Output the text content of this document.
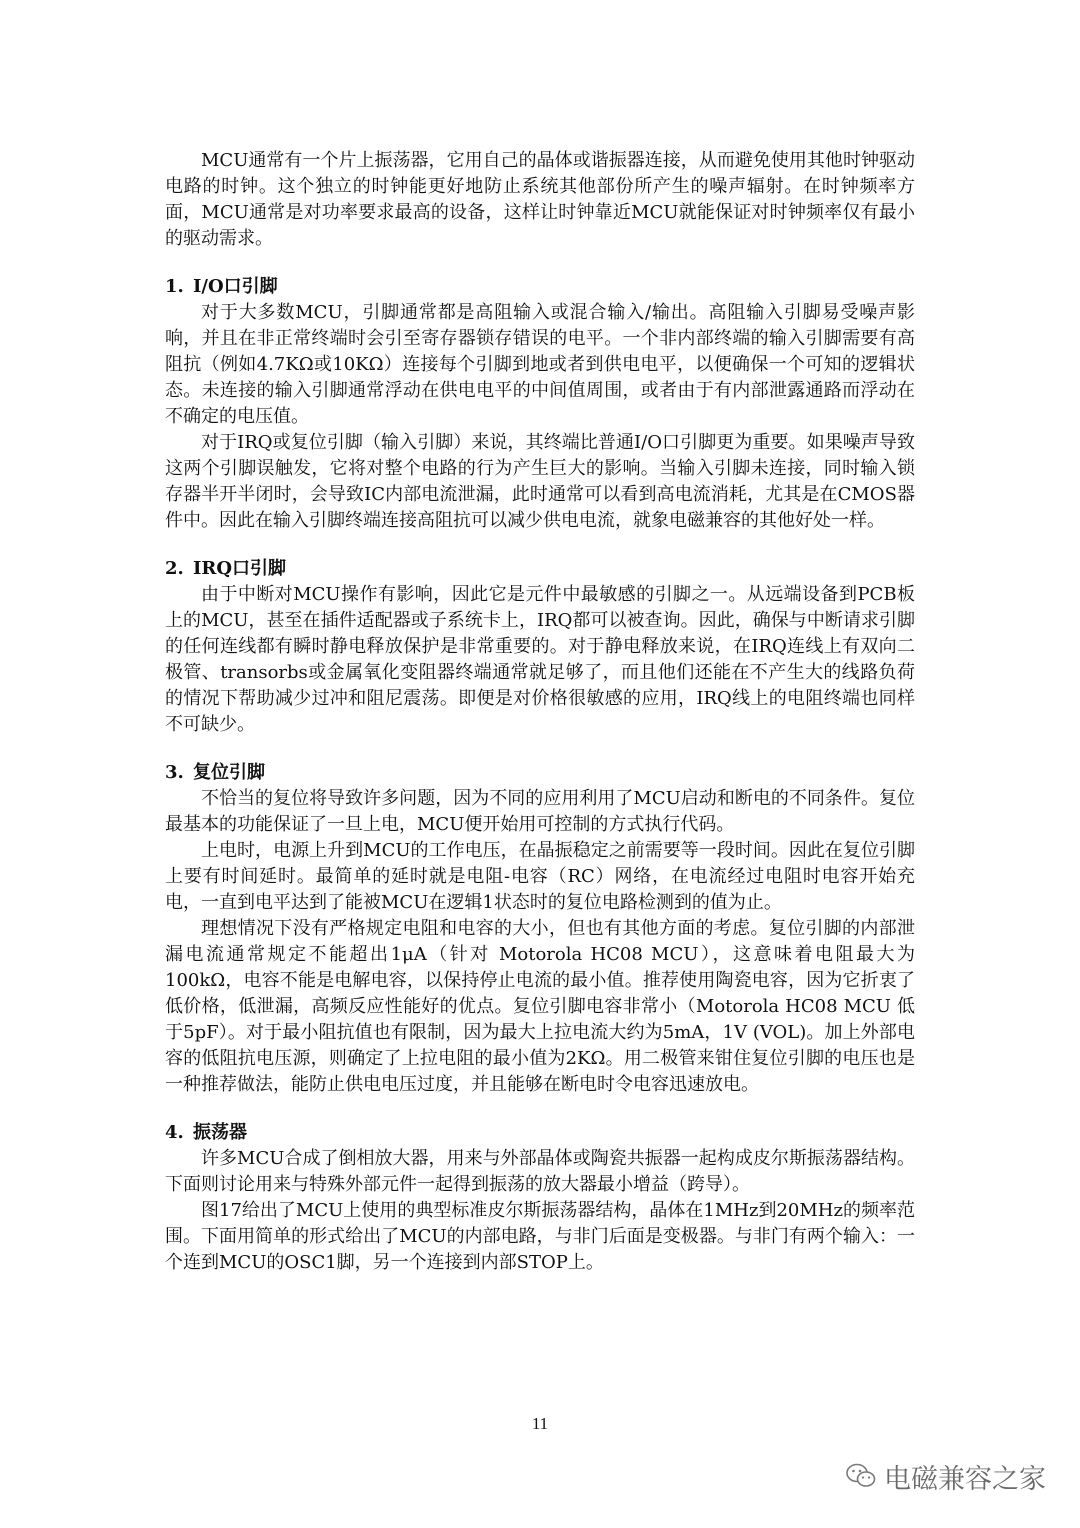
MCU通常有一个片上振荡器，它用自己的晶体或谐振器连接，从而避免使用其他时钟驱动电路的时钟。这个独立的时钟能更好地防止系统其他部份所产生的噪声辐射。在时钟频率方面，MCU通常是对功率要求最高的设备，这样让时钟靠近MCU就能保证对时钟频率仅有最小的驱动需求。

1. I/O口引脚

对于大多数MCU，引脚通常都是高阻输入或混合输入/输出。高阻输入引脚易受噪声影响，并且在非正常终端时会引至寄存器锁存错误的电平。一个非内部终端的输入引脚需要有高阻抗（例如4.7KΩ或10KΩ）连接每个引脚到地或者到供电电平，以便确保一个可知的逻辑状态。未连接的输入引脚通常浮动在供电电平的中间值周围，或者由于有内部泄露通路而浮动在不确定的电压值。

对于IRQ或复位引脚（输入引脚）来说，其终端比普通I/O口引脚更为重要。如果噪声导致这两个引脚误触发，它将对整个电路的行为产生巨大的影响。当输入引脚未连接，同时输入锁存器半开半闭时，会导致IC内部电流泄漏，此时通常可以看到高电流消耗，尤其是在CMOS器件中。因此在输入引脚终端连接高阻抗可以减少供电电流，就象电磁兼容的其他好处一样。

2. IRQ口引脚

由于中断对MCU操作有影响，因此它是元件中最敏感的引脚之一。从远端设备到PCB板上的MCU，甚至在插件适配器或子系统卡上，IRQ都可以被查询。因此，确保与中断请求引脚的任何连线都有瞬时静电释放保护是非常重要的。对于静电释放来说，在IRQ连线上有双向二极管、transorbs或金属氧化变阻器终端通常就足够了，而且他们还能在不产生大的线路负荷的情况下帮助减少过冲和阻尼震荡。即便是对价格很敏感的应用，IRQ线上的电阻终端也同样不可缺少。

3. 复位引脚

不恰当的复位将导致许多问题，因为不同的应用利用了MCU启动和断电的不同条件。复位最基本的功能保证了一旦上电，MCU便开始用可控制的方式执行代码。

上电时，电源上升到MCU的工作电压，在晶振稳定之前需要等一段时间。因此在复位引脚上要有时间延时。最简单的延时就是电阻-电容（RC）网络，在电流经过电阻时电容开始充电，一直到电平达到了能被MCU在逻辑1状态时的复位电路检测到的值为止。

理想情况下没有严格规定电阻和电容的大小，但也有其他方面的考虑。复位引脚的内部泄漏电流通常规定不能超出1μA（针对 Motorola HC08 MCU），这意味着电阻最大为100kΩ，电容不能是电解电容，以保持停止电流的最小值。推荐使用陶瓷电容，因为它折衷了低价格，低泄漏，高频反应性能好的优点。复位引脚电容非常小（Motorola HC08 MCU 低于5pF）。对于最小阻抗值也有限制，因为最大上拉电流大约为5mA，1V (VOL)。加上外部电容的低阻抗电压源，则确定了上拉电阻的最小值为2KΩ。用二极管来钳住复位引脚的电压也是一种推荐做法，能防止供电电压过度，并且能够在断电时令电容迅速放电。

4. 振荡器

许多MCU合成了倒相放大器，用来与外部晶体或陶瓷共振器一起构成皮尔斯振荡器结构。下面则讨论用来与特殊外部元件一起得到振荡的放大器最小增益（跨导）。

图17给出了MCU上使用的典型标准皮尔斯振荡器结构，晶体在1MHz到20MHz的频率范围。下面用简单的形式给出了MCU的内部电路，与非门后面是变极器。与非门有两个输入：一个连到MCU的OSC1脚，另一个连接到内部STOP上。

11
电磁兼容之家
